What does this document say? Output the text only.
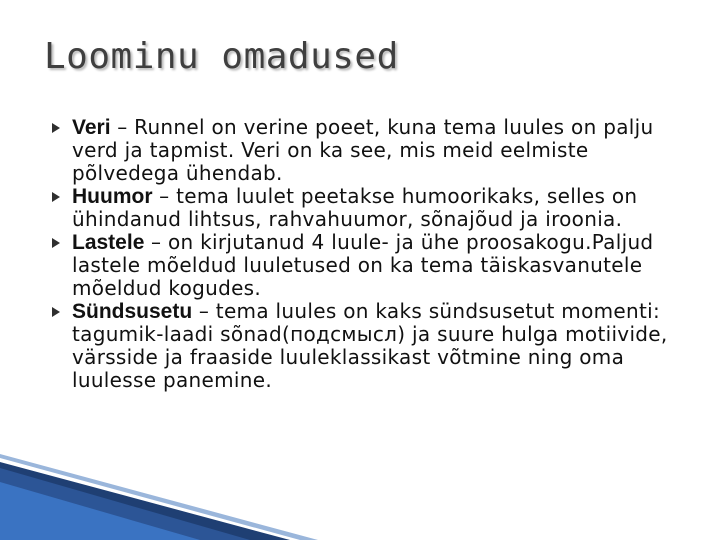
Loominu omadused
Veri – Runnel on verine poeet, kuna tema luules on palju verd ja tapmist. Veri on ka see, mis meid eelmiste põlvedega ühendab.
Huumor – tema luulet peetakse humoorikaks, selles on ühindanud lihtsus, rahvahuumor, sõnajõud ja iroonia.
Lastele – on kirjutanud 4 luule- ja ühe proosakogu.Paljud lastele mõeldud luuletused on ka tema täiskasvanutele mõeldud kogudes.
Sündsusetu – tema luules on kaks sündsusetut momenti: tagumik-laadi sõnad(подсмысл) ja suure hulga motiivide, värsside ja fraaside luuleklassikast võtmine ning oma luulesse panemine.
